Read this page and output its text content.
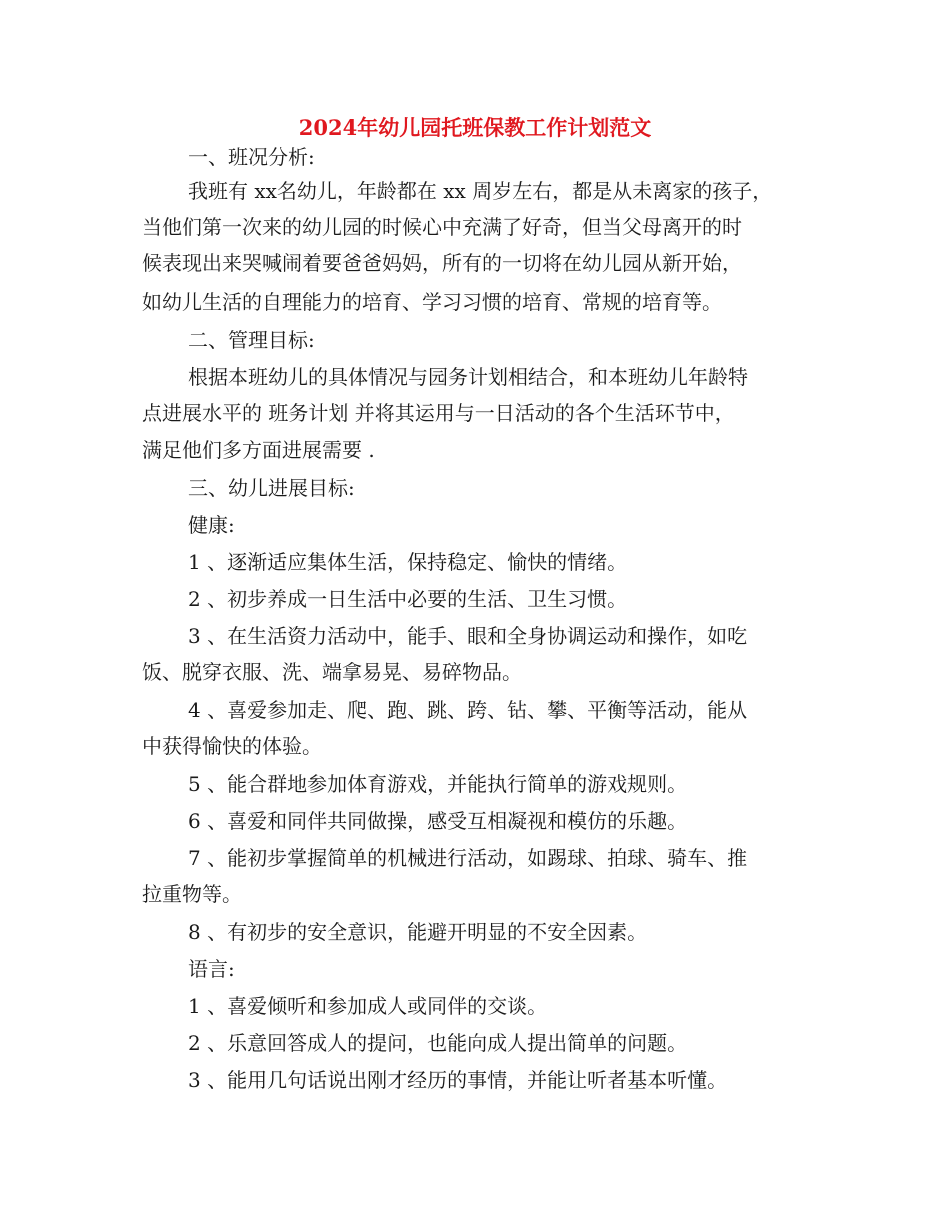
2024年幼儿园托班保教工作计划范文
一、班况分析:
我班有 xx名幼儿，年龄都在 xx 周岁左右，都是从未离家的孩子，
当他们第一次来的幼儿园的时候心中充满了好奇，但当父母离开的时
候表现出来哭喊闹着要爸爸妈妈，所有的一切将在幼儿园从新开始，
如幼儿生活的自理能力的培育、学习习惯的培育、常规的培育等。
二、管理目标:
根据本班幼儿的具体情况与园务计划相结合，和本班幼儿年龄特
点进展水平的 班务计划 并将其运用与一日活动的各个生活环节中，
满足他们多方面进展需要 .
三、幼儿进展目标:
健康:
1 、逐渐适应集体生活，保持稳定、愉快的情绪。
2 、初步养成一日生活中必要的生活、卫生习惯。
3 、在生活资力活动中，能手、眼和全身协调运动和操作，如吃
饭、脱穿衣服、洗、端拿易晃、易碎物品。
4 、喜爱参加走、爬、跑、跳、跨、钻、攀、平衡等活动，能从
中获得愉快的体验。
5 、能合群地参加体育游戏，并能执行简单的游戏规则。
6 、喜爱和同伴共同做操，感受互相凝视和模仿的乐趣。
7 、能初步掌握简单的机械进行活动，如踢球、拍球、骑车、推
拉重物等。
8 、有初步的安全意识，能避开明显的不安全因素。
语言:
1 、喜爱倾听和参加成人或同伴的交谈。
2 、乐意回答成人的提问，也能向成人提出简单的问题。
3 、能用几句话说出刚才经历的事情，并能让听者基本听懂。
